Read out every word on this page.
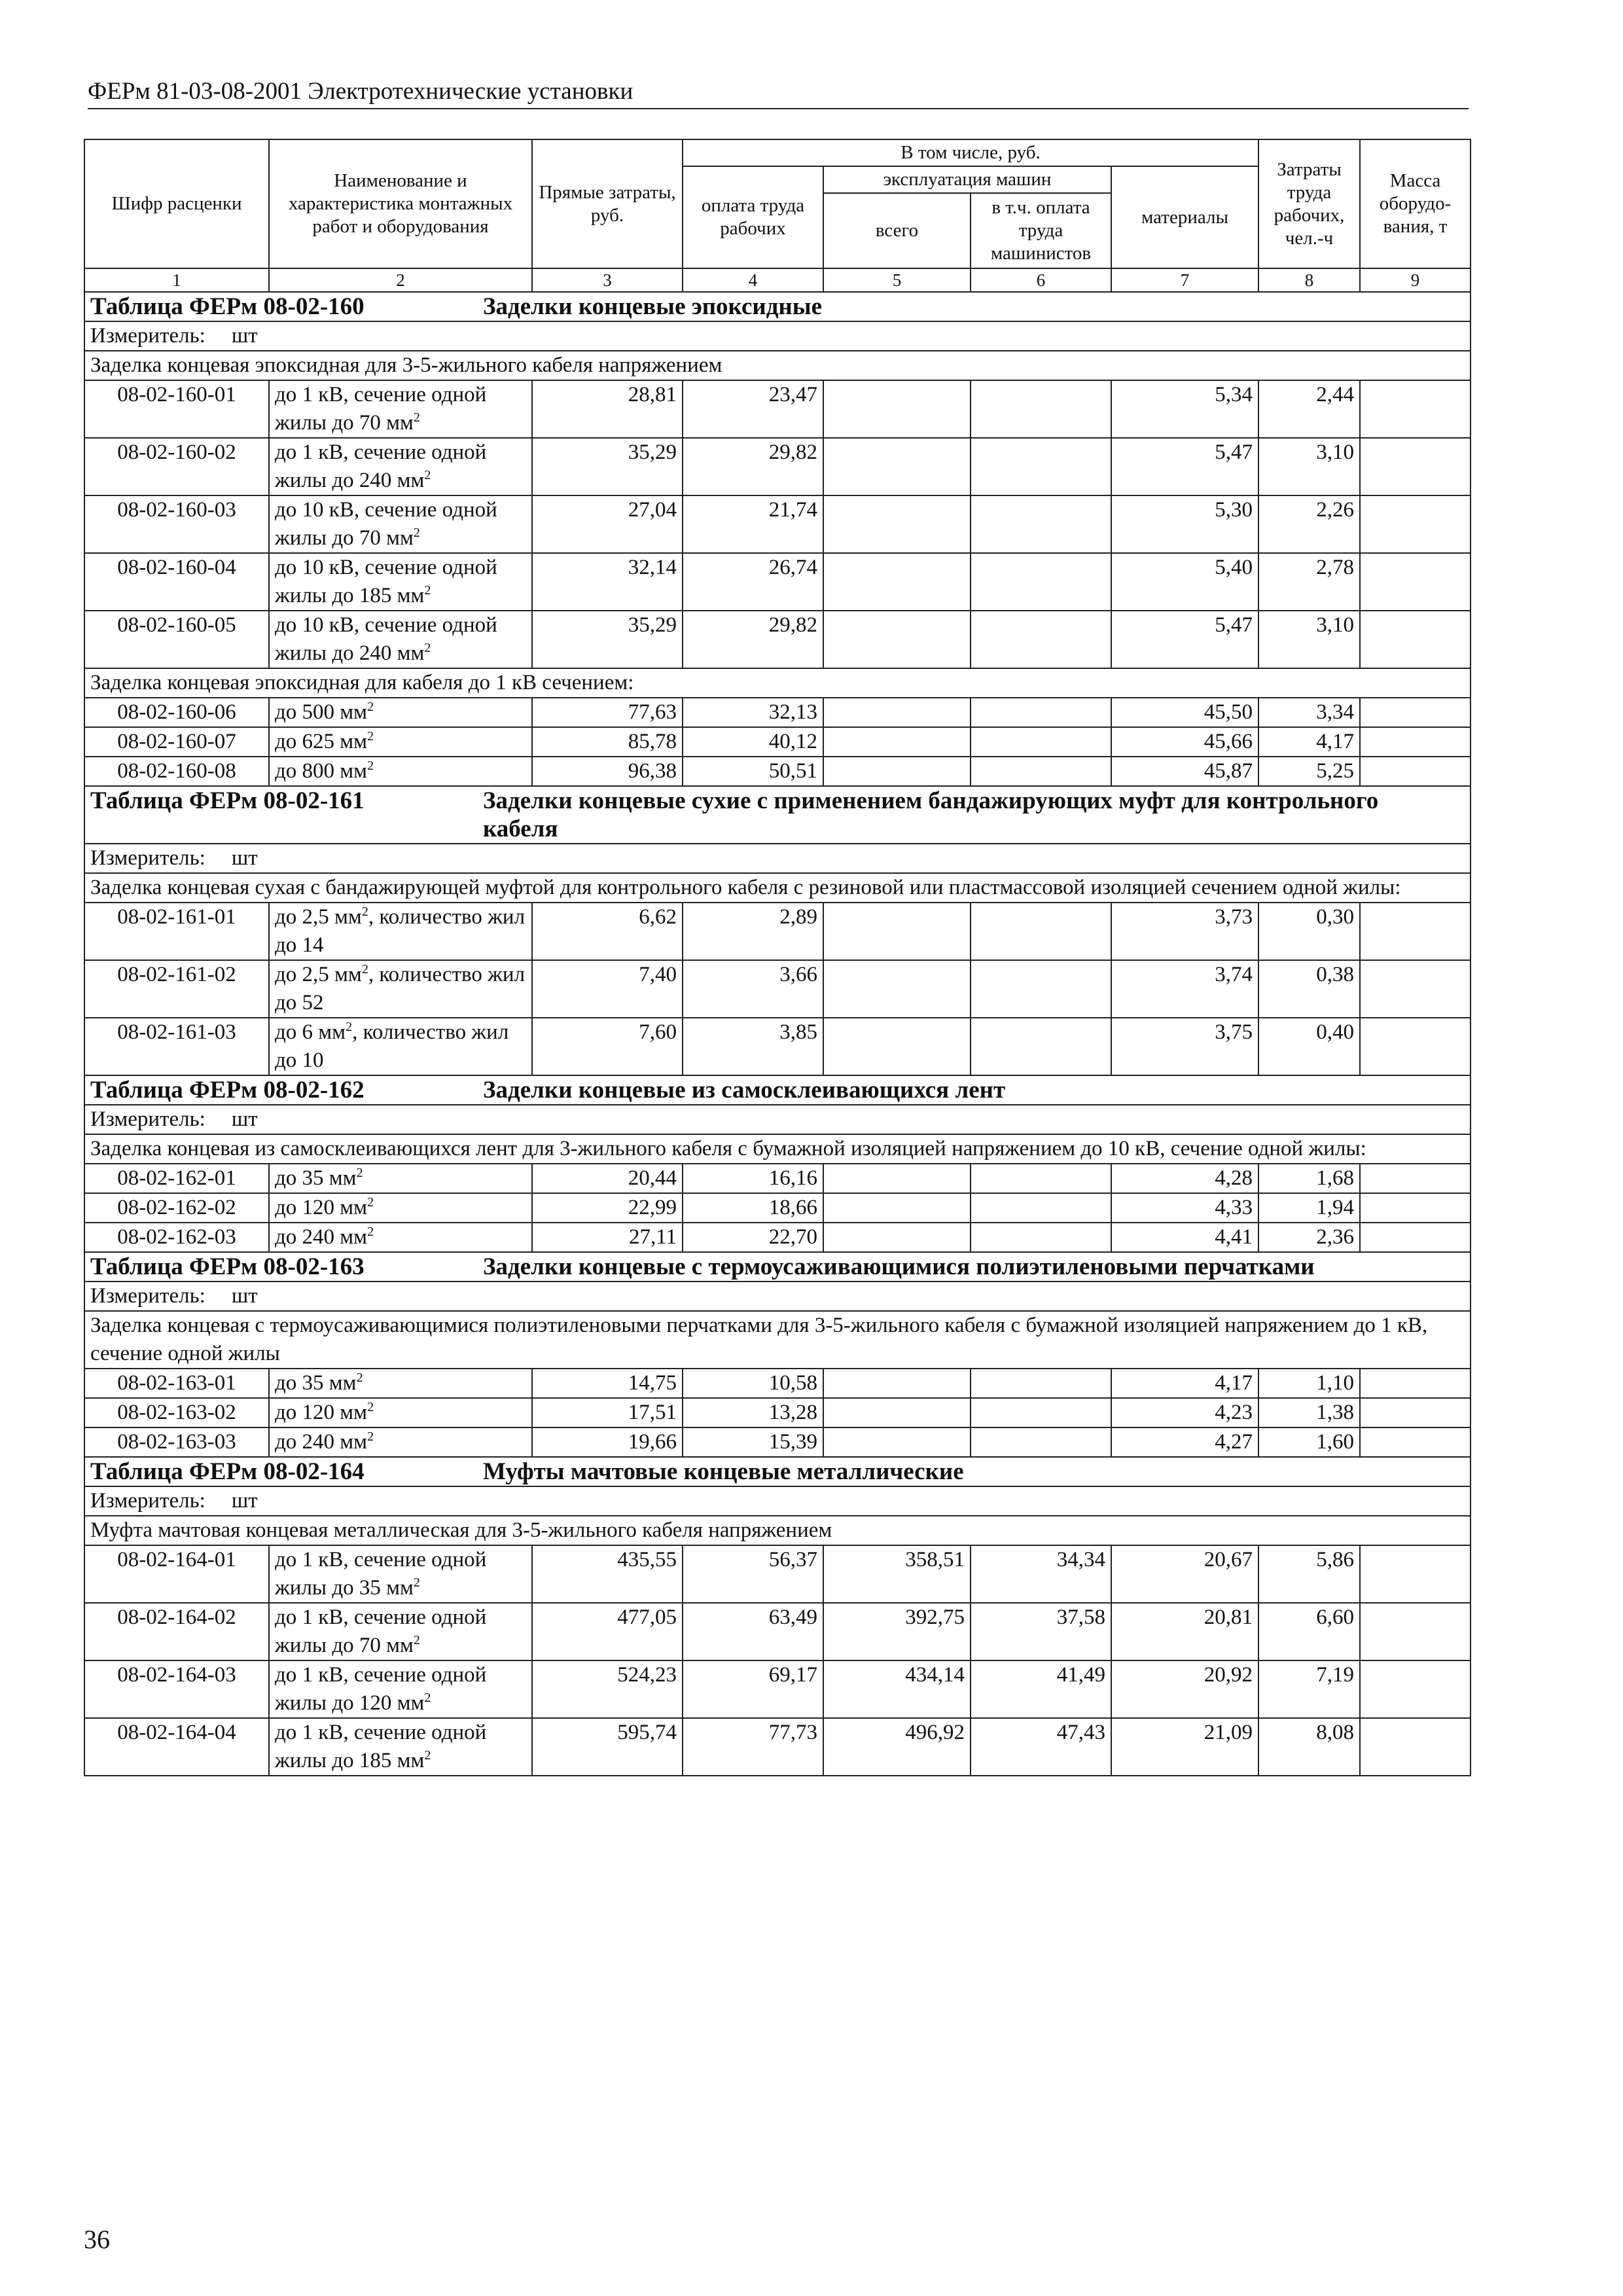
ФЕРм 81-03-08-2001 Электротехнические установки
Шифр расценки	Наименование и характеристика монтажных работ и оборудования	Прямые затраты, руб.	В том числе, руб.				Затраты труда рабочих, чел.-ч	Масса оборудо-вания, т
			оплата труда рабочих	эксплуатация машин		материалы		
				всего	в т.ч. оплата труда машинистов			
1	2	3	4	5	6	7	8	9
Таблица ФЕРм 08-02-160 Заделки концевые эпоксидные								
Измеритель: шт								
Заделка концевая эпоксидная для 3-5-жильного кабеля напряжением								
08-02-160-01	до 1 кВ, сечение одной жилы до 70 $мм^2$	28,81	23,47			5,34	2,44	
08-02-160-02	до 1 кВ, сечение одной жилы до 240 $мм^2$	35,29	29,82			5,47	3,10	
08-02-160-03	до 10 кВ, сечение одной жилы до 70 $мм^2$	27,04	21,74			5,30	2,26	
08-02-160-04	до 10 кВ, сечение одной жилы до 185 $мм^2$	32,14	26,74			5,40	2,78	
08-02-160-05	до 10 кВ, сечение одной жилы до 240 $мм^2$	35,29	29,82			5,47	3,10	
Заделка концевая эпоксидная для кабеля до 1 кВ сечением:								
08-02-160-06	до 500 $мм^2$	77,63	32,13			45,50	3,34	
08-02-160-07	до 625 $мм^2$	85,78	40,12			45,66	4,17	
08-02-160-08	до 800 $мм^2$	96,38	50,51			45,87	5,25	
Таблица ФЕРм 08-02-161 Заделки концевые сухие с применением бандажирующих муфт для контрольного кабеля								
Измеритель: шт								
Заделка концевая сухая с бандажирующей муфтой для контрольного кабеля с резиновой или пластмассовой изоляцией сечением одной жилы:								
08-02-161-01	до 2,5 $мм^2$, количество жил до 14	6,62	2,89			3,73	0,30	
08-02-161-02	до 2,5 $мм^2$, количество жил до 52	7,40	3,66			3,74	0,38	
08-02-161-03	до 6 $мм^2$, количество жил до 10	7,60	3,85			3,75	0,40	
Таблица ФЕРм 08-02-162 Заделки концевые из самосклеивающихся лент								
Измеритель: шт								
Заделка концевая из самосклеивающихся лент для 3-жильного кабеля с бумажной изоляцией напряжением до 10 кВ, сечение одной жилы:								
08-02-162-01	до 35 $мм^2$	20,44	16,16			4,28	1,68	
08-02-162-02	до 120 $мм^2$	22,99	18,66			4,33	1,94	
08-02-162-03	до 240 $мм^2$	27,11	22,70			4,41	2,36	
Таблица ФЕРм 08-02-163 Заделки концевые с термоусаживающимися полиэтиленовыми перчатками								
Измеритель: шт								
Заделка концевая с термоусаживающимися полиэтиленовыми перчатками для 3-5-жильного кабеля с бумажной изоляцией напряжением до 1 кВ, сечение одной жилы								
08-02-163-01	до 35 $мм^2$	14,75	10,58			4,17	1,10	
08-02-163-02	до 120 $мм^2$	17,51	13,28			4,23	1,38	
08-02-163-03	до 240 $мм^2$	19,66	15,39			4,27	1,60	
Таблица ФЕРм 08-02-164 Муфты мачтовые концевые металлические								
Измеритель: шт								
Муфта мачтовая концевая металлическая для 3-5-жильного кабеля напряжением								
08-02-164-01	до 1 кВ, сечение одной жилы до 35 $мм^2$	435,55	56,37	358,51	34,34	20,67	5,86	
08-02-164-02	до 1 кВ, сечение одной жилы до 70 $мм^2$	477,05	63,49	392,75	37,58	20,81	6,60	
08-02-164-03	до 1 кВ, сечение одной жилы до 120 $мм^2$	524,23	69,17	434,14	41,49	20,92	7,19	
08-02-164-04	до 1 кВ, сечение одной жилы до 185 $мм^2$	595,74	77,73	496,92	47,43	21,09	8,08	
36
